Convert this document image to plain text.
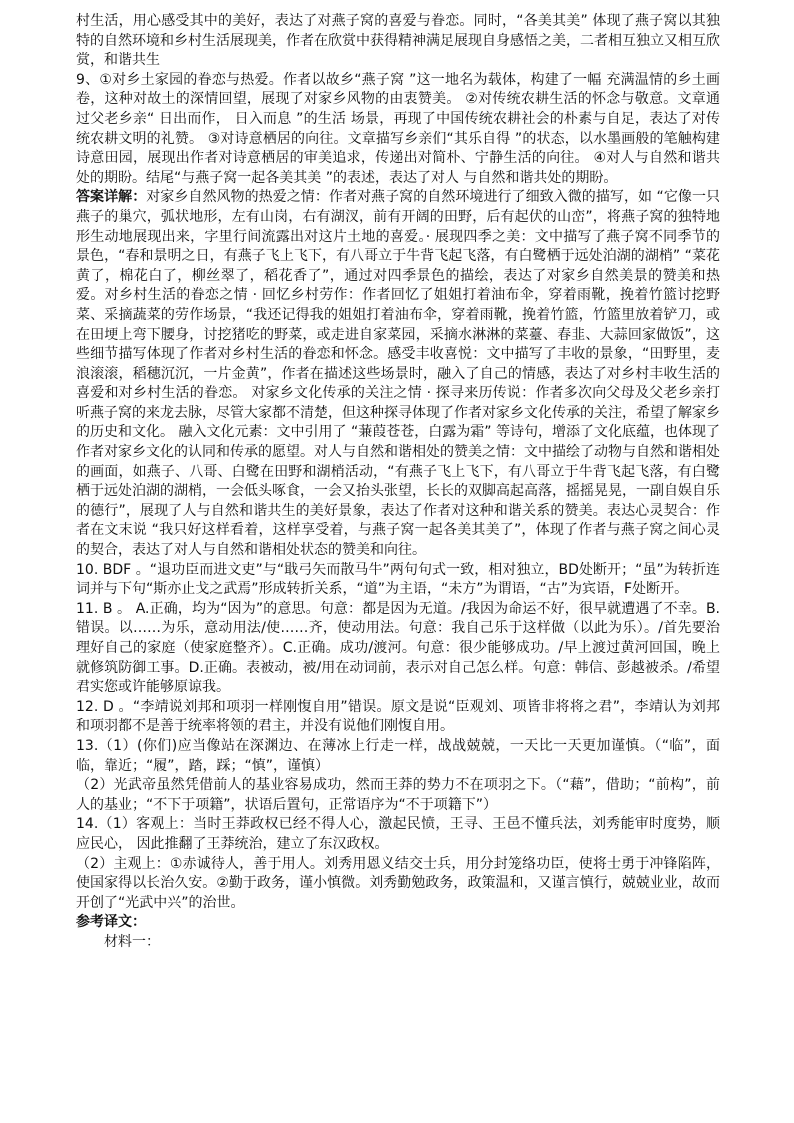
村生活，用心感受其中的美好，表达了对燕子窝的喜爱与眷恋。同时，“各美其美” 体现了燕子窝以其独特的自然环境和乡村生活展现美，作者在欣赏中获得精神满足展现自身感悟之美，二者相互独立又相互欣赏，和谐共生

9、①对乡土家园的眷恋与热爱。作者以故乡“燕子窝 ”这一地名为载体，构建了一幅 充满温情的乡土画卷，这种对故土的深情回望，展现了对家乡风物的由衷赞美。 ②对传统农耕生活的怀念与敬意。文章通过父老乡亲“ 日出而作， 日入而息 ”的生活 场景，再现了中国传统农耕社会的朴素与自足，表达了对传统农耕文明的礼赞。 ③对诗意栖居的向往。文章描写乡亲们“其乐自得 ”的状态，以水墨画般的笔触构建 诗意田园，展现出作者对诗意栖居的审美追求，传递出对简朴、宁静生活的向往。 ④对人与自然和谐共处的期盼。结尾“与燕子窝一起各美其美 ”的表述，表达了对人 与自然和谐共处的期盼。

答案详解：对家乡自然风物的热爱之情：作者对燕子窝的自然环境进行了细致入微的描写，如 “它像一只燕子的巢穴，弧状地形，左有山岗，右有湖汊，前有开阔的田野，后有起伏的山峦”，将燕子窝的独特地形生动地展现出来，字里行间流露出对这片土地的喜爱。· 展现四季之美：文中描写了燕子窝不同季节的景色，“春和景明之日，有燕子飞上飞下，有八哥立于牛背飞起飞落，有白鹭栖于远处泊湖的湖梢” “菜花黄了，棉花白了，柳丝翠了，稻花香了”，通过对四季景色的描绘，表达了对家乡自然美景的赞美和热爱。对乡村生活的眷恋之情 · 回忆乡村劳作：作者回忆了姐姐打着油布伞，穿着雨靴，挽着竹篮讨挖野菜、采摘蔬菜的劳作场景，“我还记得我的姐姐打着油布伞，穿着雨靴，挽着竹篮，竹篮里放着铲刀，或在田埂上弯下腰身，讨挖猪吃的野菜，或走进自家菜园，采摘水淋淋的菜薹、春韭、大蒜回家做饭”，这些细节描写体现了作者对乡村生活的眷恋和怀念。感受丰收喜悦：文中描写了丰收的景象，“田野里，麦浪滚滚，稻穗沉沉，一片金黄”，作者在描述这些场景时，融入了自己的情感，表达了对乡村丰收生活的喜爱和对乡村生活的眷恋。 对家乡文化传承的关注之情 · 探寻来历传说：作者多次向父母及父老乡亲打听燕子窝的来龙去脉，尽管大家都不清楚，但这种探寻体现了作者对家乡文化传承的关注，希望了解家乡的历史和文化。 融入文化元素：文中引用了 “蒹葭苍苍，白露为霜” 等诗句，增添了文化底蕴，也体现了作者对家乡文化的认同和传承的愿望。对人与自然和谐相处的赞美之情：文中描绘了动物与自然和谐相处的画面，如燕子、八哥、白鹭在田野和湖梢活动，“有燕子飞上飞下，有八哥立于牛背飞起飞落，有白鹭栖于远处泊湖的湖梢，一会低头啄食，一会又抬头张望，长长的双脚高起高落，摇摇晃晃，一副自娱自乐的德行”，展现了人与自然和谐共生的美好景象，表达了作者对这种和谐关系的赞美。表达心灵契合：作者在文末说 “我只好这样看着，这样享受着，与燕子窝一起各美其美了”，体现了作者与燕子窝之间心灵的契合，表达了对人与自然和谐相处状态的赞美和向往。

10. BDF 。“退功臣而进文吏”与“戢弓矢而散马牛”两句句式一致，相对独立，BD处断开；“虽”为转折连词并与下句“斯亦止戈之武焉”形成转折关系，“道”为主语，“未方”为谓语，“古”为宾语，F处断开。

11. B 。 A.正确，均为“因为”的意思。句意：都是因为无道。/我因为命运不好，很早就遭遇了不幸。B.错误。以……为乐，意动用法/使……齐，使动用法。句意：我自己乐于这样做（以此为乐）。/首先要治理好自己的家庭（使家庭整齐）。C.正确。成功/渡河。句意：很少能够成功。/早上渡过黄河回国，晚上就修筑防御工事。D.正确。表被动，被/用在动词前，表示对自己怎么样。句意：韩信、彭越被杀。/希望君实您或许能够原谅我。

12. D 。“李靖说刘邦和项羽一样刚愎自用”错误。原文是说“臣观刘、项皆非将将之君”，李靖认为刘邦和项羽都不是善于统率将领的君主，并没有说他们刚愎自用。

13.（1）(你们)应当像站在深渊边、在薄冰上行走一样，战战兢兢，一天比一天更加谨慎。（“临”，面临，靠近；“履”，踏，踩；“慎”，谨慎）

（2）光武帝虽然凭借前人的基业容易成功，然而王莽的势力不在项羽之下。（“藉”，借助；“前构”，前人的基业；“不下于项籍”，状语后置句，正常语序为“不于项籍下”）

14.（1）客观上：当时王莽政权已经不得人心，激起民愤，王寻、王邑不懂兵法，刘秀能审时度势，顺应民心， 因此推翻了王莽统治，建立了东汉政权。

（2）主观上：①赤诚待人，善于用人。刘秀用恩义结交士兵，用分封笼络功臣，使将士勇于冲锋陷阵，使国家得以长治久安。②勤于政务，谨小慎微。刘秀勤勉政务，政策温和，又谨言慎行，兢兢业业，故而开创了“光武中兴”的治世。

参考译文：

材料一：
